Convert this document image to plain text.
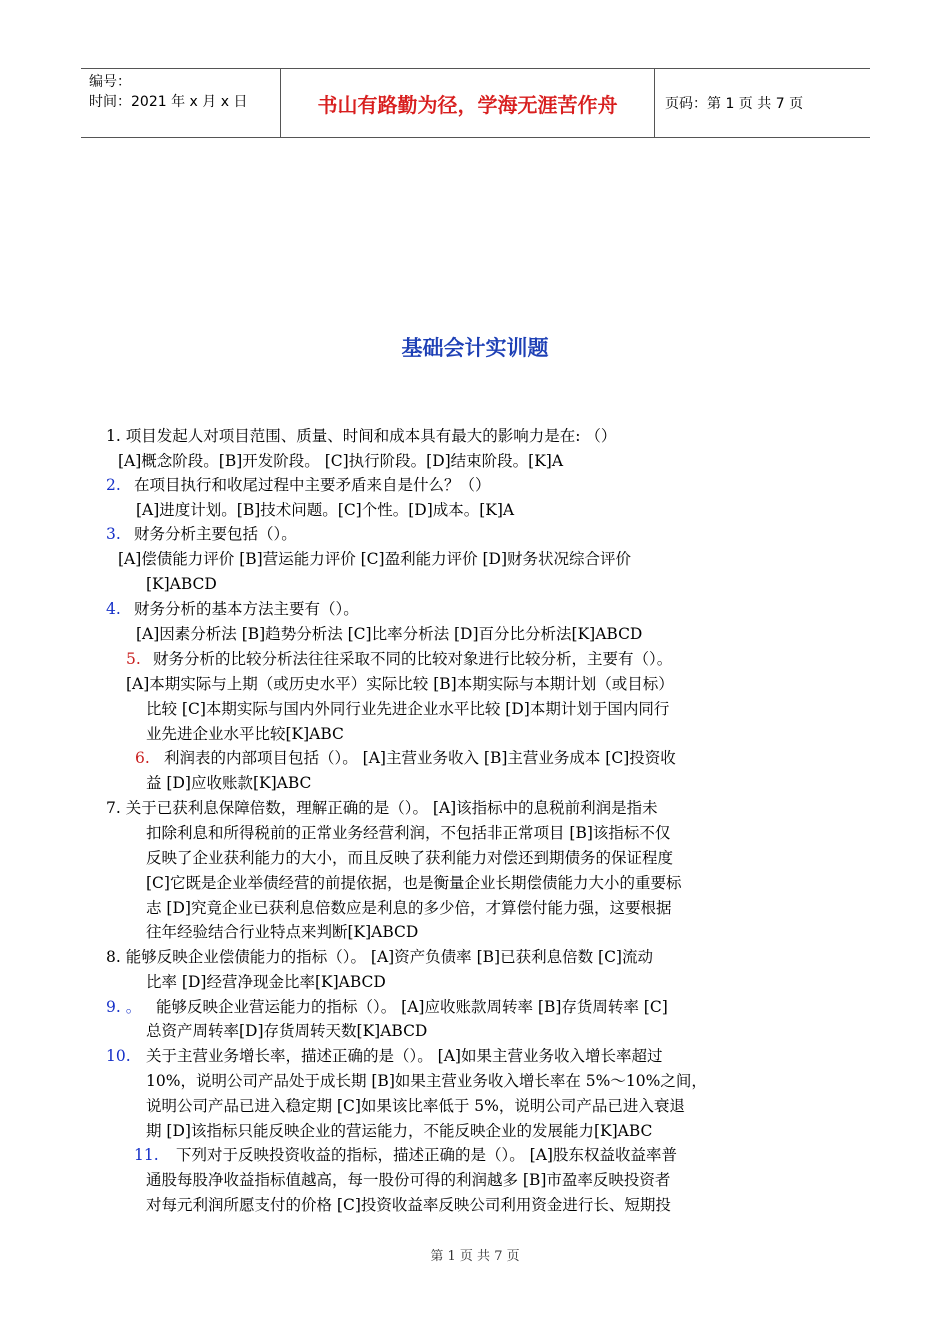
编号：
时间：2021 年 x 月 x 日	书山有路勤为径，学海无涯苦作舟	页码：第 1 页 共 7 页
基础会计实训题
1. 项目发起人对项目范围、质量、时间和成本具有最大的影响力是在: （）
[A]概念阶段。[B]开发阶段。 [C]执行阶段。[D]结束阶段。[K]A
2. 在项目执行和收尾过程中主要矛盾来自是什么？（）
[A]进度计划。[B]技术问题。[C]个性。[D]成本。[K]A
3. 财务分析主要包括（）。
[A]偿债能力评价 [B]营运能力评价 [C]盈利能力评价 [D]财务状况综合评价
[K]ABCD
4. 财务分析的基本方法主要有（）。
[A]因素分析法 [B]趋势分析法 [C]比率分析法 [D]百分比分析法[K]ABCD
5. 财务分析的比较分析法往往采取不同的比较对象进行比较分析，主要有（）。
[A]本期实际与上期（或历史水平）实际比较 [B]本期实际与本期计划（或目标）
比较 [C]本期实际与国内外同行业先进企业水平比较 [D]本期计划于国内同行
业先进企业水平比较[K]ABC
6. 利润表的内部项目包括（）。 [A]主营业务收入 [B]主营业务成本 [C]投资收
益 [D]应收账款[K]ABC
7. 关于已获利息保障倍数，理解正确的是（）。 [A]该指标中的息税前利润是指未
扣除利息和所得税前的正常业务经营利润，不包括非正常项目 [B]该指标不仅
反映了企业获利能力的大小，而且反映了获利能力对偿还到期债务的保证程度
[C]它既是企业举债经营的前提依据，也是衡量企业长期偿债能力大小的重要标
志 [D]究竟企业已获利息倍数应是利息的多少倍，才算偿付能力强，这要根据
往年经验结合行业特点来判断[K]ABCD
8. 能够反映企业偿债能力的指标（）。 [A]资产负债率 [B]已获利息倍数 [C]流动
比率 [D]经营净现金比率[K]ABCD
9. 。 能够反映企业营运能力的指标（）。 [A]应收账款周转率 [B]存货周转率 [C]
总资产周转率[D]存货周转天数[K]ABCD
10. 关于主营业务增长率，描述正确的是（）。 [A]如果主营业务收入增长率超过
10%，说明公司产品处于成长期 [B]如果主营业务收入增长率在 5%～10%之间，
说明公司产品已进入稳定期 [C]如果该比率低于 5%，说明公司产品已进入衰退
期 [D]该指标只能反映企业的营运能力，不能反映企业的发展能力[K]ABC
11. 下列对于反映投资收益的指标，描述正确的是（）。 [A]股东权益收益率普
通股每股净收益指标值越高，每一股份可得的利润越多 [B]市盈率反映投资者
对每元利润所愿支付的价格 [C]投资收益率反映公司利用资金进行长、短期投
第 1 页 共 7 页
